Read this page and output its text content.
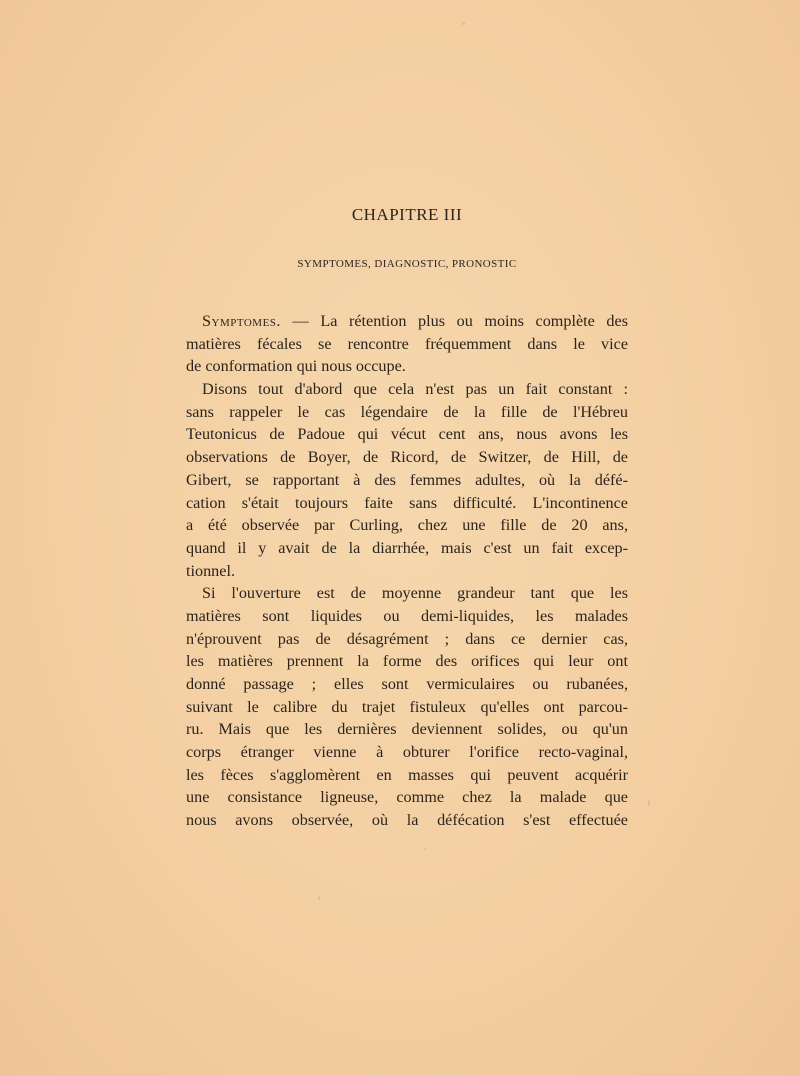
CHAPITRE III
SYMPTOMES, DIAGNOSTIC, PRONOSTIC
Symptomes. — La rétention plus ou moins complète des
matières fécales se rencontre fréquemment dans le vice
de conformation qui nous occupe.
Disons tout d'abord que cela n'est pas un fait constant :
sans rappeler le cas légendaire de la fille de l'Hébreu
Teutonicus de Padoue qui vécut cent ans, nous avons les
observations de Boyer, de Ricord, de Switzer, de Hill, de
Gibert, se rapportant à des femmes adultes, où la défé-
cation s'était toujours faite sans difficulté. L'incontinence
a été observée par Curling, chez une fille de 20 ans,
quand il y avait de la diarrhée, mais c'est un fait excep-
tionnel.
Si l'ouverture est de moyenne grandeur tant que les
matières sont liquides ou demi-liquides, les malades
n'éprouvent pas de désagrément ; dans ce dernier cas,
les matières prennent la forme des orifices qui leur ont
donné passage ; elles sont vermiculaires ou rubanées,
suivant le calibre du trajet fistuleux qu'elles ont parcou-
ru. Mais que les dernières deviennent solides, ou qu'un
corps étranger vienne à obturer l'orifice recto-vaginal,
les fèces s'agglomèrent en masses qui peuvent acquérir
une consistance ligneuse, comme chez la malade que
nous avons observée, où la défécation s'est effectuée
